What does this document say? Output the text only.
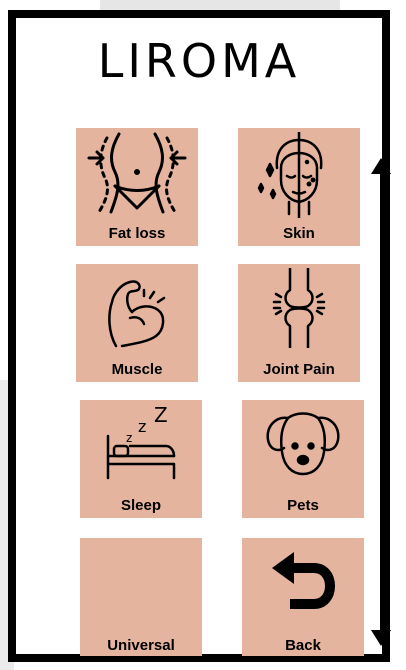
LIROMA
Fat loss	Skin
Muscle	Joint Pain
z
z Z
Sleep	Pets
Universal	Back
